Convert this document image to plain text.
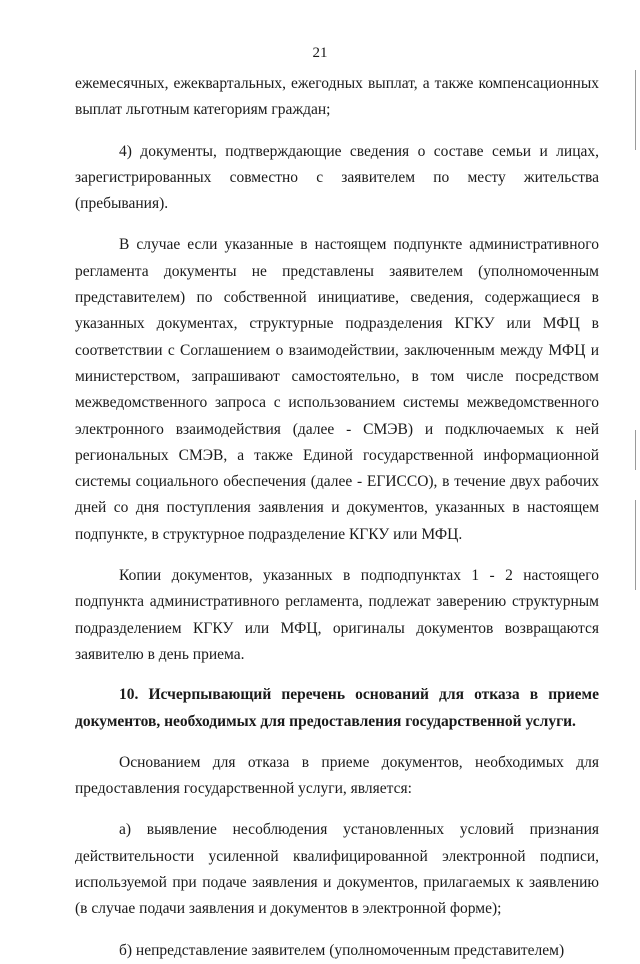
21

ежемесячных, ежеквартальных, ежегодных выплат, а также компенсационных выплат льготным категориям граждан;

4) документы, подтверждающие сведения о составе семьи и лицах, зарегистрированных совместно с заявителем по месту жительства (пребывания).

В случае если указанные в настоящем подпункте административного регламента документы не представлены заявителем (уполномоченным представителем) по собственной инициативе, сведения, содержащиеся в указанных документах, структурные подразделения КГКУ или МФЦ в соответствии с Соглашением о взаимодействии, заключенным между МФЦ и министерством, запрашивают самостоятельно, в том числе посредством межведомственного запроса с использованием системы межведомственного электронного взаимодействия (далее - СМЭВ) и подключаемых к ней региональных СМЭВ, а также Единой государственной информационной системы социального обеспечения (далее - ЕГИССО), в течение двух рабочих дней со дня поступления заявления и документов, указанных в настоящем подпункте, в структурное подразделение КГКУ или МФЦ.

Копии документов, указанных в подподпунктах 1 - 2 настоящего подпункта административного регламента, подлежат заверению структурным подразделением КГКУ или МФЦ, оригиналы документов возвращаются заявителю в день приема.

10. Исчерпывающий перечень оснований для отказа в приеме документов, необходимых для предоставления государственной услуги.

Основанием для отказа в приеме документов, необходимых для предоставления государственной услуги, является:

а) выявление несоблюдения установленных условий признания действительности усиленной квалифицированной электронной подписи, используемой при подаче заявления и документов, прилагаемых к заявлению (в случае подачи заявления и документов в электронной форме);

б) непредставление заявителем (уполномоченным представителем)
